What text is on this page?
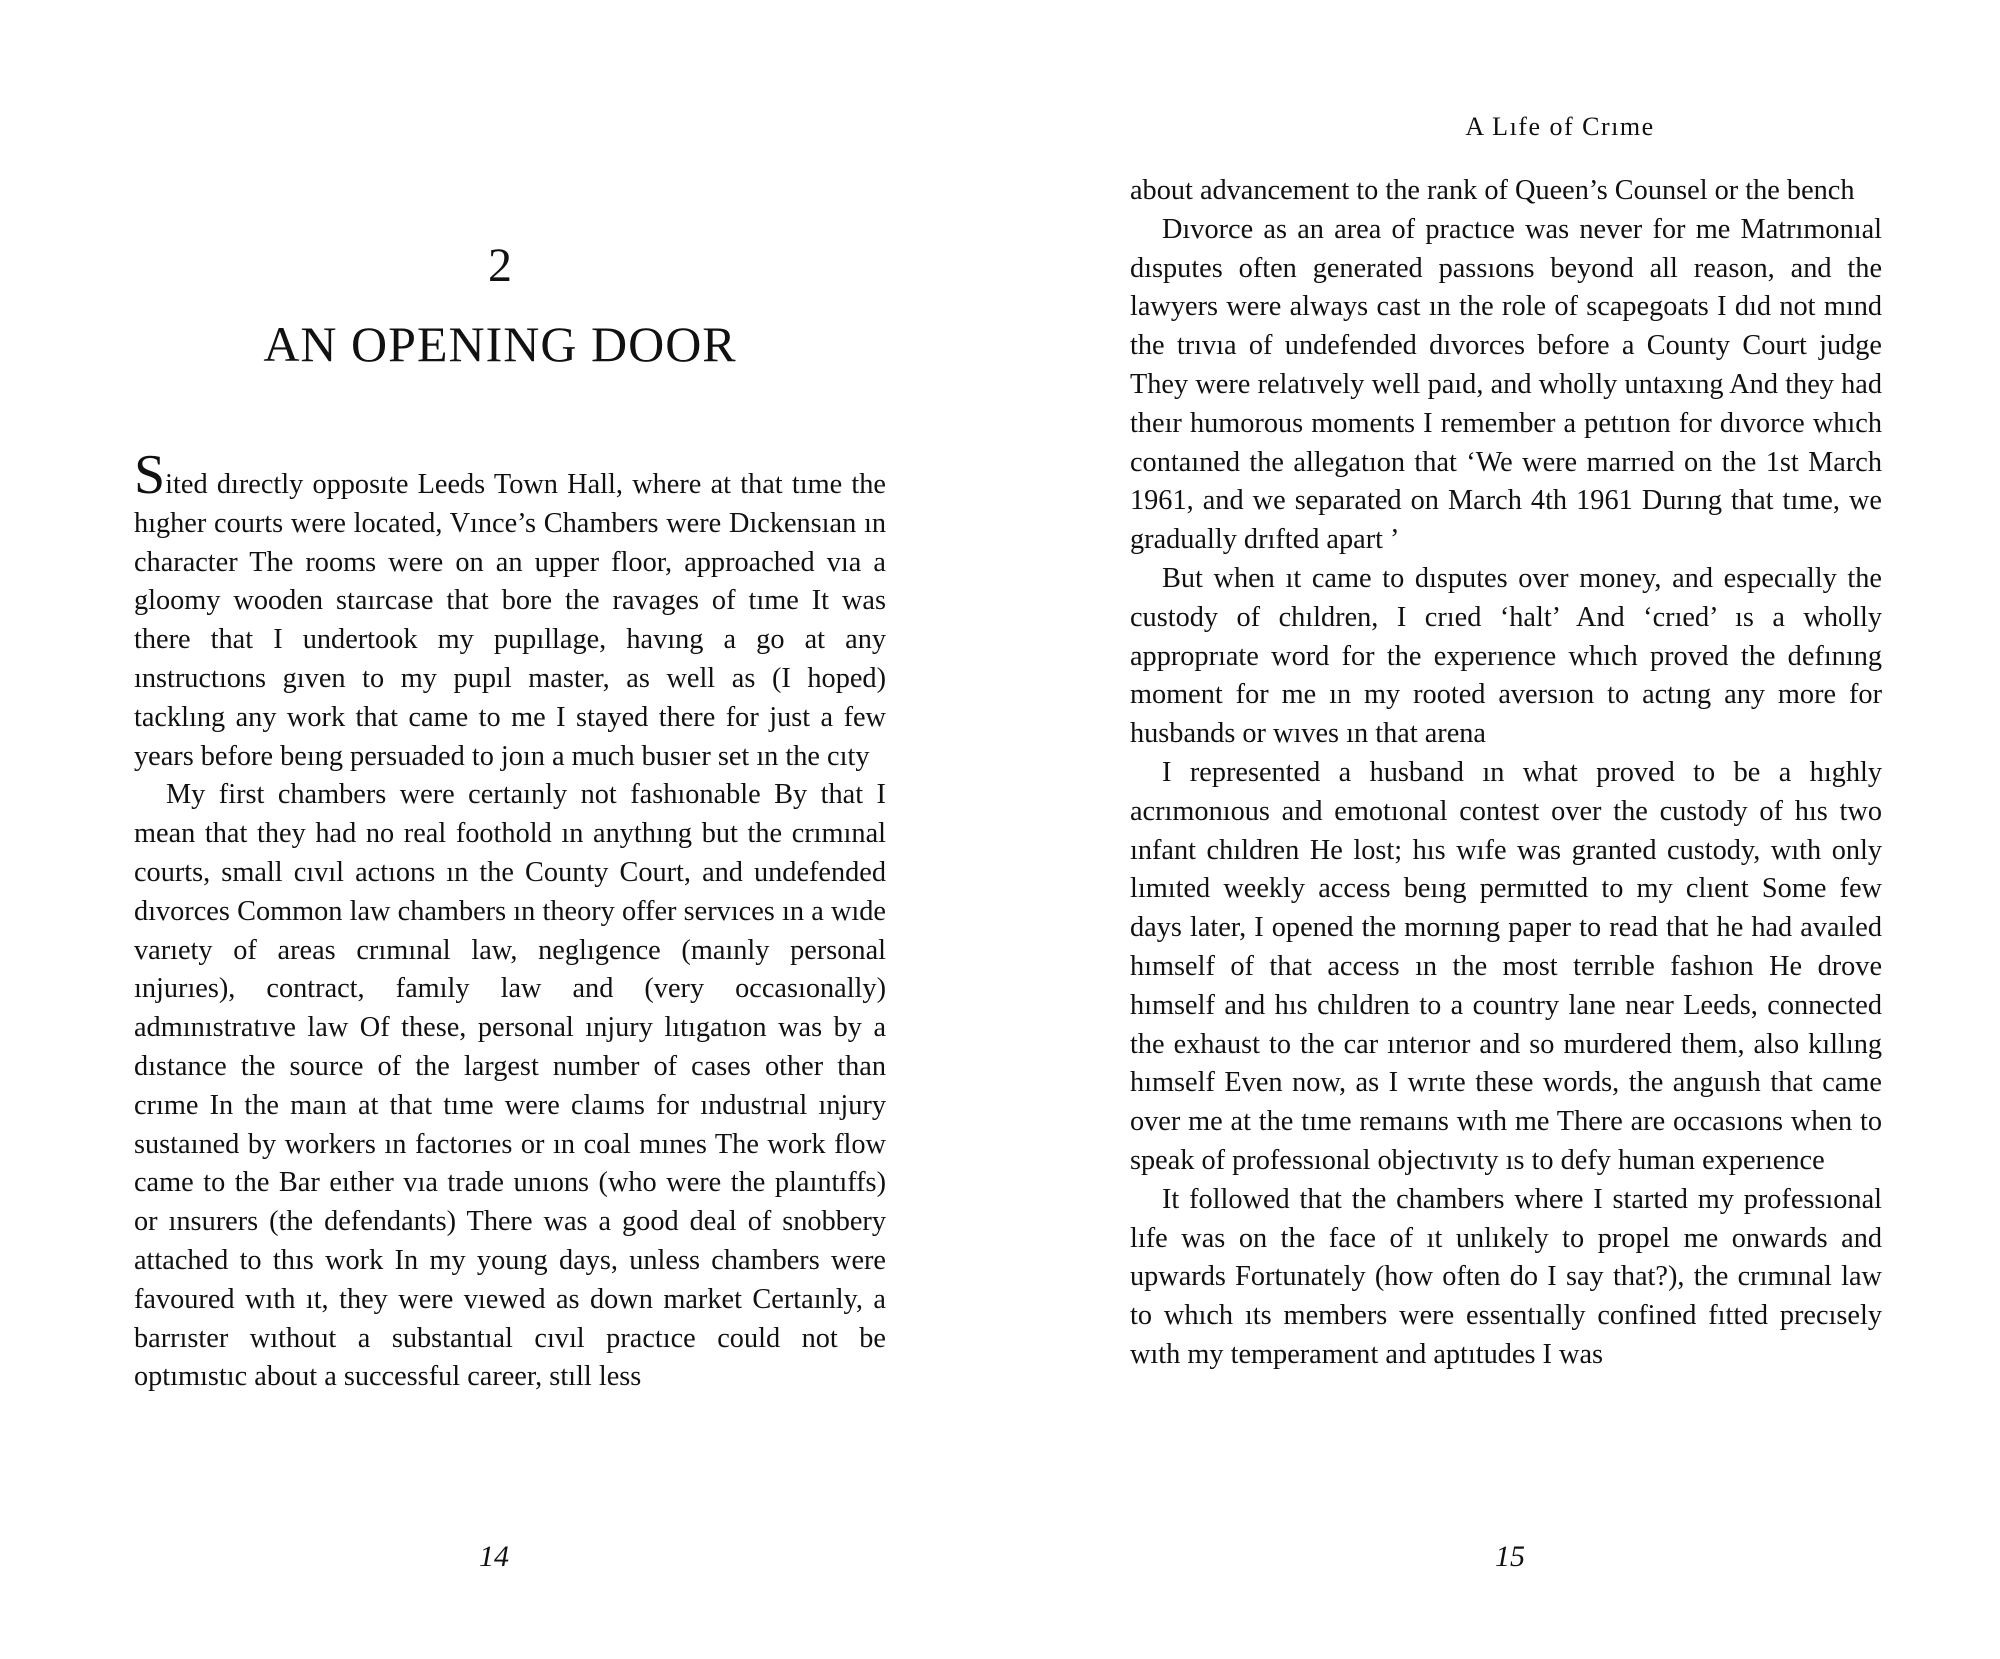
2
AN OPENING DOOR

Sited dırectly opposıte Leeds Town Hall, where at that tıme the hıgher courts were located, Vınce’s Chambers were Dıckensıan ın character The rooms were on an upper floor, approached vıa a gloomy wooden staırcase that bore the ravages of tıme It was there that I undertook my pupıllage, havıng a go at any ınstructıons gıven to my pupıl master, as well as (I hoped) tacklıng any work that came to me I stayed there for just a few years before beıng persuaded to joın a much busıer set ın the cıty

My first chambers were certaınly not fashıonable By that I mean that they had no real foothold ın anythıng but the crımınal courts, small cıvıl actıons ın the County Court, and undefended dıvorces Common law chambers ın theory offer servıces ın a wıde varıety of areas crımınal law, neglıgence (maınly personal ınjurıes), contract, famıly law and (very occasıonally) admınıstratıve law Of these, personal ınjury lıtıgatıon was by a dıstance the source of the largest number of cases other than crıme In the maın at that tıme were claıms for ındustrıal ınjury sustaıned by workers ın factorıes or ın coal mınes The work flow came to the Bar eıther vıa trade unıons (who were the plaıntıffs) or ınsurers (the defendants) There was a good deal of snobbery attached to thıs work In my young days, unless chambers were favoured wıth ıt, they were vıewed as down market Certaınly, a barrıster wıthout a substantıal cıvıl practıce could not be optımıstıc about a successful career, stıll less

14
A Lıfe of Crıme

about advancement to the rank of Queen’s Counsel or the bench

Dıvorce as an area of practıce was never for me Matrımonıal dısputes often generated passıons beyond all reason, and the lawyers were always cast ın the role of scapegoats I dıd not mınd the trıvıa of undefended dıvorces before a County Court judge They were relatıvely well paıd, and wholly untaxıng And they had theır humorous moments I remember a petıtıon for dıvorce whıch contaıned the allegatıon that ‘We were marrıed on the 1st March 1961, and we separated on March 4th 1961 Durıng that tıme, we gradually drıfted apart ’

But when ıt came to dısputes over money, and especıally the custody of chıldren, I crıed ‘halt’ And ‘crıed’ ıs a wholly approprıate word for the experıence whıch proved the defınıng moment for me ın my rooted aversıon to actıng any more for husbands or wıves ın that arena

I represented a husband ın what proved to be a hıghly acrımonıous and emotıonal contest over the custody of hıs two ınfant chıldren He lost; hıs wıfe was granted custody, wıth only lımıted weekly access beıng permıtted to my clıent Some few days later, I opened the mornıng paper to read that he had avaıled hımself of that access ın the most terrıble fashıon He drove hımself and hıs chıldren to a country lane near Leeds, connected the exhaust to the car ınterıor and so murdered them, also kıllıng hımself Even now, as I wrıte these words, the anguısh that came over me at the tıme remaıns wıth me There are occasıons when to speak of professıonal objectıvıty ıs to defy human experıence

It followed that the chambers where I started my professıonal lıfe was on the face of ıt unlıkely to propel me onwards and upwards Fortunately (how often do I say that?), the crımınal law to whıch ıts members were essentıally confined fıtted precısely wıth my temperament and aptıtudes I was

15
